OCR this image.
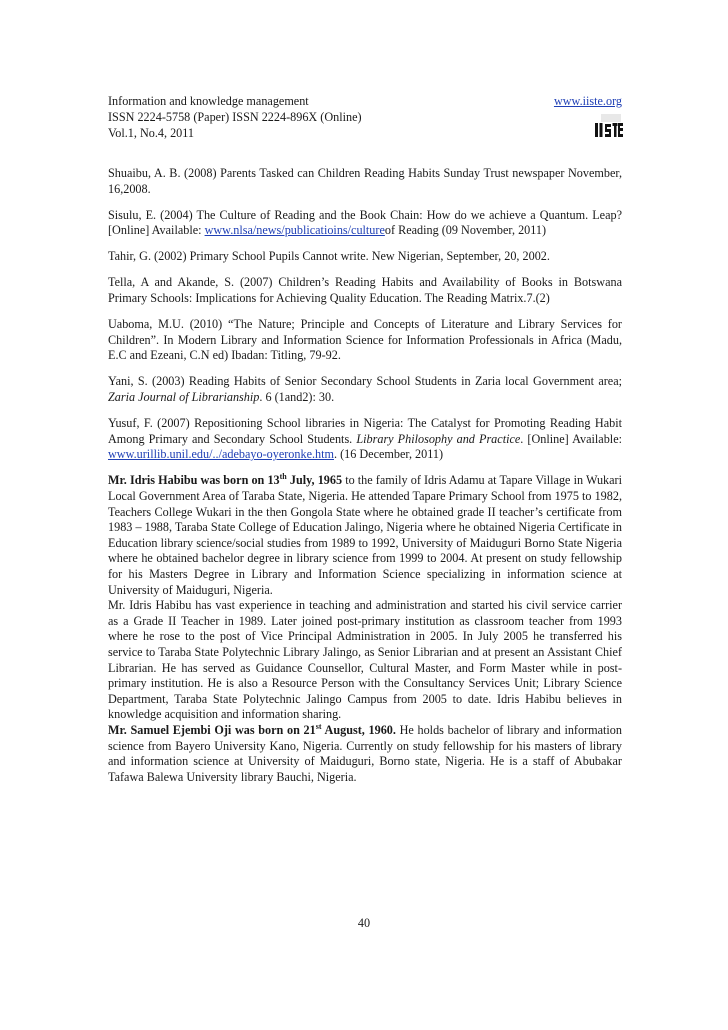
Information and knowledge management
ISSN 2224-5758 (Paper) ISSN 2224-896X (Online)
Vol.1, No.4, 2011
www.iiste.org

Shuaibu, A. B. (2008) Parents Tasked can Children Reading Habits Sunday Trust newspaper November, 16,2008.

Sisulu, E. (2004) The Culture of Reading and the Book Chain: How do we achieve a Quantum. Leap? [Online] Available: www.nlsa/news/publicatioins/cultureof Reading (09 November, 2011)

Tahir, G. (2002) Primary School Pupils Cannot write. New Nigerian, September, 20, 2002.

Tella, A and Akande, S. (2007) Children’s Reading Habits and Availability of Books in Botswana Primary Schools: Implications for Achieving Quality Education. The Reading Matrix.7.(2)

Uaboma, M.U. (2010) “The Nature; Principle and Concepts of Literature and Library Services for Children”. In Modern Library and Information Science for Information Professionals in Africa (Madu, E.C and Ezeani, C.N ed) Ibadan: Titling, 79-92.

Yani, S. (2003) Reading Habits of Senior Secondary School Students in Zaria local Government area; Zaria Journal of Librarianship. 6 (1and2): 30.

Yusuf, F. (2007) Repositioning School libraries in Nigeria: The Catalyst for Promoting Reading Habit Among Primary and Secondary School Students. Library Philosophy and Practice. [Online] Available: www.urillib.unil.edu/../adebayo-oyeronke.htm. (16 December, 2011)

Mr. Idris Habibu was born on 13th July, 1965 to the family of Idris Adamu at Tapare Village in Wukari Local Government Area of Taraba State, Nigeria. He attended Tapare Primary School from 1975 to 1982, Teachers College Wukari in the then Gongola State where he obtained grade II teacher’s certificate from 1983 – 1988, Taraba State College of Education Jalingo, Nigeria where he obtained Nigeria Certificate in Education library science/social studies from 1989 to 1992, University of Maiduguri Borno State Nigeria where he obtained bachelor degree in library science from 1999 to 2004. At present on study fellowship for his Masters Degree in Library and Information Science specializing in information science at University of Maiduguri, Nigeria.

Mr. Idris Habibu has vast experience in teaching and administration and started his civil service carrier as a Grade II Teacher in 1989. Later joined post-primary institution as classroom teacher from 1993 where he rose to the post of Vice Principal Administration in 2005. In July 2005 he transferred his service to Taraba State Polytechnic Library Jalingo, as Senior Librarian and at present an Assistant Chief Librarian. He has served as Guidance Counsellor, Cultural Master, and Form Master while in post-primary institution. He is also a Resource Person with the Consultancy Services Unit; Library Science Department, Taraba State Polytechnic Jalingo Campus from 2005 to date. Idris Habibu believes in knowledge acquisition and information sharing.

Mr. Samuel Ejembi Oji was born on 21st August, 1960. He holds bachelor of library and information science from Bayero University Kano, Nigeria. Currently on study fellowship for his masters of library and information science at University of Maiduguri, Borno state, Nigeria. He is a staff of Abubakar Tafawa Balewa University library Bauchi, Nigeria.

40
